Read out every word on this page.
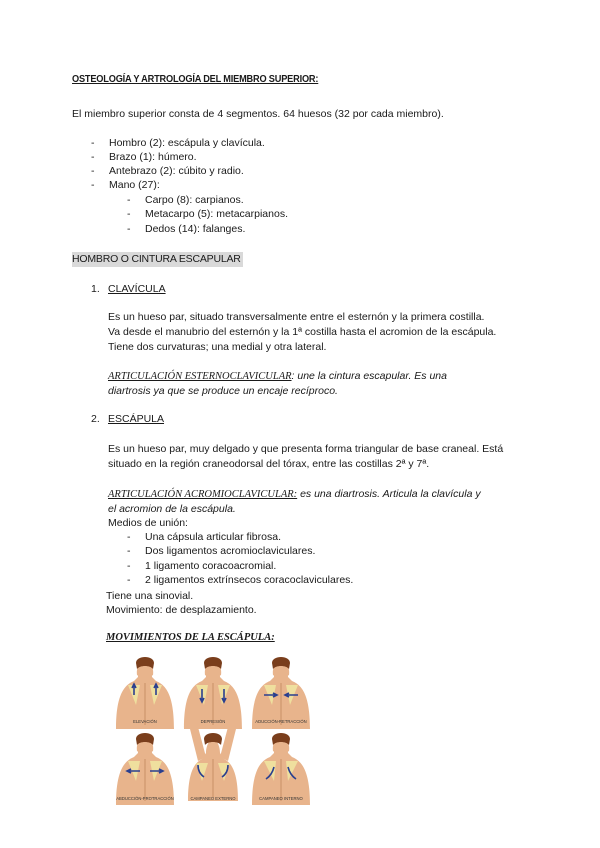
OSTEOLOGÍA Y ARTROLOGÍA DEL MIEMBRO SUPERIOR:
El miembro superior consta de 4 segmentos. 64 huesos (32 por cada miembro).
- Hombro (2): escápula y clavícula.
- Brazo (1): húmero.
- Antebrazo (2): cúbito y radio.
- Mano (27):
- Carpo (8): carpianos.
- Metacarpo (5): metacarpianos.
- Dedos (14): falanges.
HOMBRO O CINTURA ESCAPULAR
1. CLAVÍCULA
Es un hueso par, situado transversalmente entre el esternón y la primera costilla.
Va desde el manubrio del esternón y la 1ª costilla hasta el acromion de la escápula.
Tiene dos curvaturas; una medial y otra lateral.
ARTICULACIÓN ESTERNOCLAVICULAR: une la cintura escapular. Es una
diartrosis ya que se produce un encaje recíproco.
2. ESCÁPULA
Es un hueso par, muy delgado y que presenta forma triangular de base craneal. Está
situado en la región craneodorsal del tórax, entre las costillas 2ª y 7ª.
ARTICULACIÓN ACROMIOCLAVICULAR: es una diartrosis. Articula la clavícula y
el acromion de la escápula.
Medios de unión:
- Una cápsula articular fibrosa.
- Dos ligamentos acromioclaviculares.
- 1 ligamento coracoacromial.
- 2 ligamentos extrínsecos coracoclaviculares.
Tiene una sinovial.
Movimiento: de desplazamiento.
MOVIMIENTOS DE LA ESCÁPULA:
ELEVACIÓN	DEPRESIÓN	ADUCCIÓN-RETRACCIÓN
ABDUCCIÓN-PROTRACCIÓN	CAMPANEO EXTERNO	CAMPANEO INTERNO
